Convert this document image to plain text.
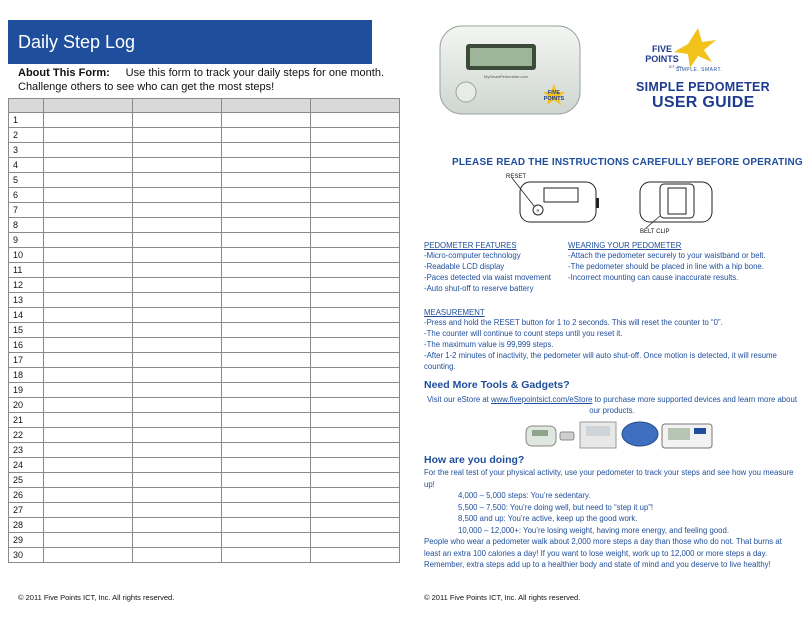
Daily Step Log
About This Form: Use this form to track your daily steps for one month. Challenge others to see who can get the most steps!

1				
2				
3				
4				
5				
6				
7				
8				
9				
10				
11				
12				
13				
14				
15				
16				
17				
18				
19				
20				
21				
22				
23				
24				
25				
26				
27				
28				
29				
30				
© 2011 Five Points ICT, Inc. All rights reserved.
MySmartPedometer.com
FIVE
POINTS
FIVE
POINTS
ICT, Inc.
SIMPLE. SMART.
SIMPLE PEDOMETER
USER GUIDE
PLEASE READ THE INSTRUCTIONS CAREFULLY BEFORE OPERATING
R
RESET
BELT CLIP
PEDOMETER FEATURES
-Micro-computer technology
-Readable LCD display
-Paces detected via waist movement
-Auto shut-off to reserve battery
WEARING YOUR PEDOMETER
-Attach the pedometer securely to your waistband or belt.
-The pedometer should be placed in line with a hip bone.
-Incorrect mounting can cause inaccurate results.
MEASUREMENT
-Press and hold the RESET button for 1 to 2 seconds. This will reset the counter to “0”.
-The counter will continue to count steps until you reset it.
-The maximum value is 99,999 steps.
-After 1-2 minutes of inactivity, the pedometer will auto shut-off. Once motion is detected, it will resume counting.
Need More Tools & Gadgets?
Visit our eStore at www.fivepointsict.com/eStore to purchase more supported devices and learn more about our products.
How are you doing?
For the real test of your physical activity, use your pedometer to track your steps and see how you measure up!
4,000 – 5,000 steps: You’re sedentary.
5,500 – 7,500: You’re doing well, but need to “step it up”!
8,500 and up: You’re active, keep up the good work.
10,000 – 12,000+: You’re losing weight, having more energy, and feeling good.
People who wear a pedometer walk about 2,000 more steps a day than those who do not. That burns at least an extra 100 calories a day! If you want to lose weight, work up to 12,000 or more steps a day. Remember, extra steps add up to a healthier body and state of mind and you deserve to live healthy!
© 2011 Five Points ICT, Inc. All rights reserved.
